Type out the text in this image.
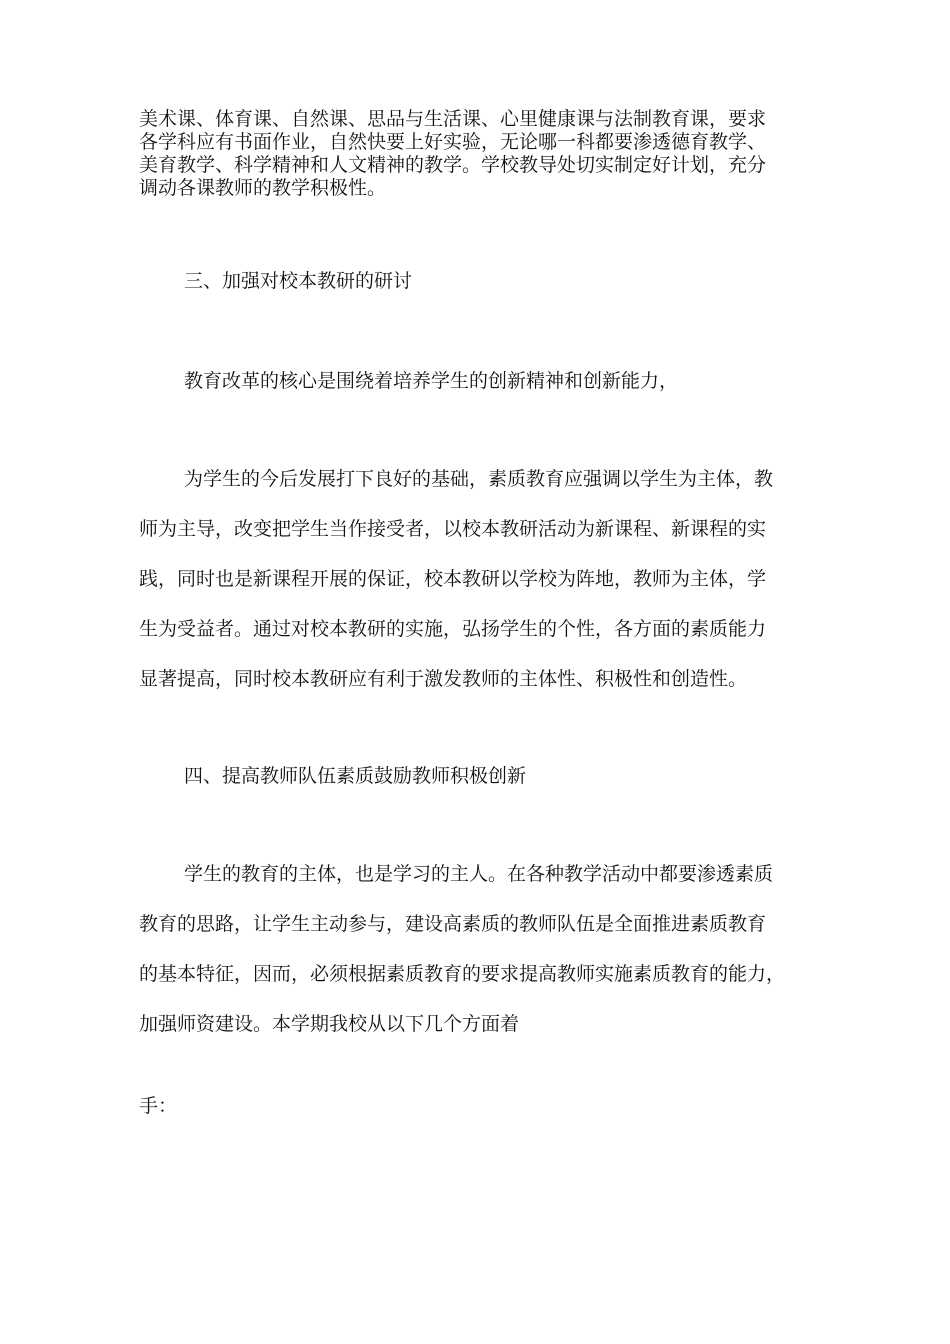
美术课、体育课、自然课、思品与生活课、心里健康课与法制教育课，要求
各学科应有书面作业，自然快要上好实验，无论哪一科都要渗透德育教学、
美育教学、科学精神和人文精神的教学。学校教导处切实制定好计划，充分
调动各课教师的教学积极性。
三、加强对校本教研的研讨
教育改革的核心是围绕着培养学生的创新精神和创新能力，
为学生的今后发展打下良好的基础，素质教育应强调以学生为主体，教
师为主导，改变把学生当作接受者，以校本教研活动为新课程、新课程的实
践，同时也是新课程开展的保证，校本教研以学校为阵地，教师为主体，学
生为受益者。通过对校本教研的实施，弘扬学生的个性，各方面的素质能力
显著提高，同时校本教研应有利于激发教师的主体性、积极性和创造性。
四、提高教师队伍素质鼓励教师积极创新
学生的教育的主体，也是学习的主人。在各种教学活动中都要渗透素质
教育的思路，让学生主动参与，建设高素质的教师队伍是全面推进素质教育
的基本特征，因而，必须根据素质教育的要求提高教师实施素质教育的能力，
加强师资建设。本学期我校从以下几个方面着
手：
